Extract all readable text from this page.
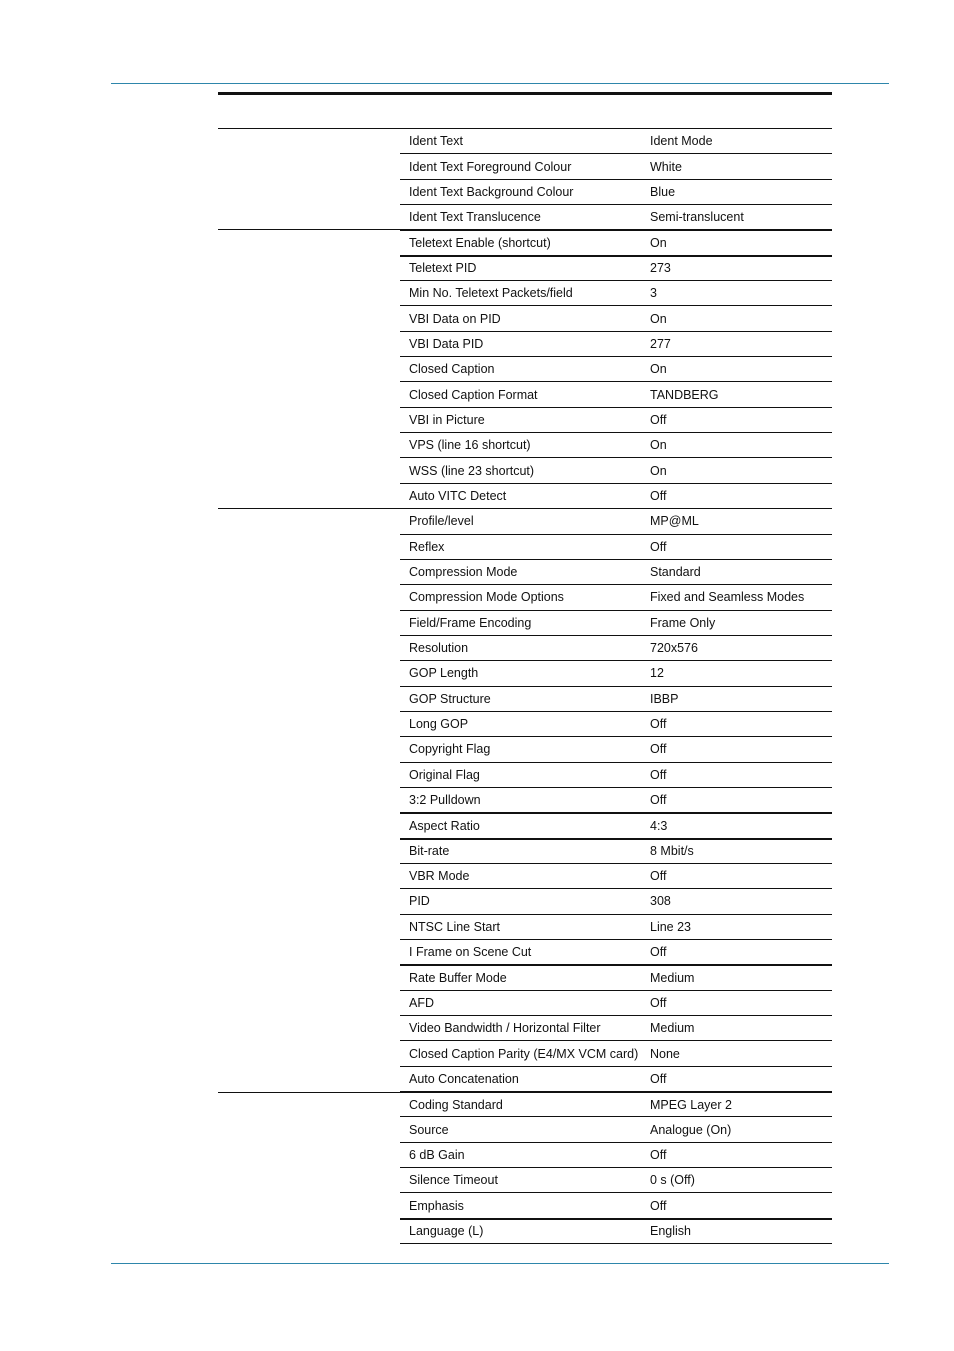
Ident Text	Ident Mode
Ident Text Foreground Colour	White
Ident Text Background Colour	Blue
Ident Text Translucence	Semi-translucent
Teletext Enable (shortcut)	On
Teletext PID	273
Min No. Teletext Packets/field	3
VBI Data on PID	On
VBI Data PID	277
Closed Caption	On
Closed Caption Format	TANDBERG
VBI in Picture	Off
VPS (line 16 shortcut)	On
WSS (line 23 shortcut)	On
Auto VITC Detect	Off
Profile/level	MP@ML
Reflex	Off
Compression Mode	Standard
Compression Mode Options	Fixed and Seamless Modes
Field/Frame Encoding	Frame Only
Resolution	720x576
GOP Length	12
GOP Structure	IBBP
Long GOP	Off
Copyright Flag	Off
Original Flag	Off
3:2 Pulldown	Off
Aspect Ratio	4:3
Bit-rate	8 Mbit/s
VBR Mode	Off
PID	308
NTSC Line Start	Line 23
I Frame on Scene Cut	Off
Rate Buffer Mode	Medium
AFD	Off
Video Bandwidth / Horizontal Filter	Medium
Closed Caption Parity (E4/MX VCM card) None
Auto Concatenation	Off
Coding Standard	MPEG Layer 2
Source	Analogue (On)
6 dB Gain	Off
Silence Timeout	0 s (Off)
Emphasis	Off
Language (L)	English
